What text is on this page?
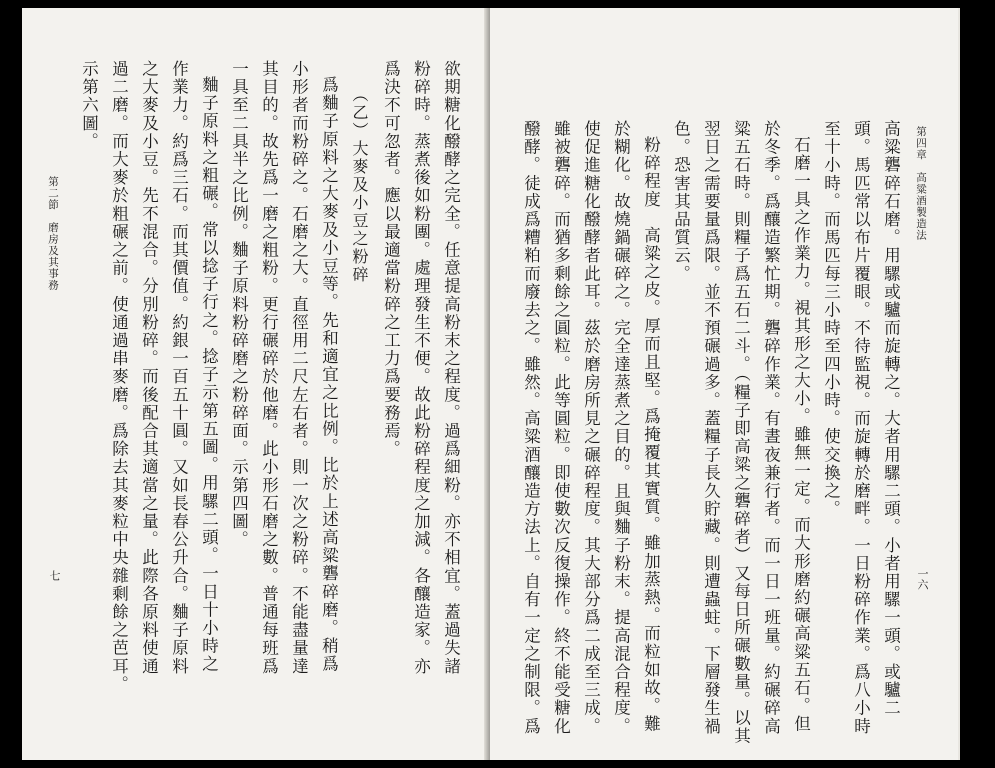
欲期糖化醱酵之完全。任意提高粉末之程度。過爲細粉。亦不相宜。蓋過失諸
粉碎時。蒸煮後如粉團。處理發生不便。故此粉碎程度之加減。各釀造家。亦
爲決不可忽者。應以最適當粉碎之工力爲要務焉。
（乙）大麥及小豆之粉碎
爲麯子原料之大麥及小豆等。先和適宜之比例。比於上述高粱礱碎磨。稍爲
小形者而粉碎之。石磨之大。直徑用二尺左右者。則一次之粉碎。不能盡量達
其目的。故先爲一磨之粗粉。更行碾碎於他磨。此小形石磨之數。普通每班爲
一具至二具半之比例。麯子原料粉碎磨之粉碎面。示第四圖。
麯子原料之粗碾。常以捻子行之。捻子示第五圖。用騾二頭。一日十小時之
作業力。約爲三石。而其價值。約銀一百五十圓。又如長春公升合。麯子原料
之大麥及小豆。先不混合。分別粉碎。而後配合其適當之量。此際各原料使通
過二磨。而大麥於粗碾之前。使通過串麥磨。爲除去其麥粒中央雜剩餘之芭耳。
示第六圖。
第二節　磨房及其事務
七
第四章　高粱酒製造法
一六
高粱礱碎石磨。用騾或驢而旋轉之。大者用騾二頭。小者用騾一頭。或驢二
頭。馬匹常以布片覆眼。不待監視。而旋轉於磨畔。一日粉碎作業。爲八小時
至十小時。而馬匹每三小時至四小時。使交換之。
石磨一具之作業力。視其形之大小。雖無一定。而大形磨約碾高粱五石。但
於冬季。爲釀造繁忙期。礱碎作業。有晝夜兼行者。而一日一班量。約碾碎高
粱五石時。則糧子爲五石二斗。（糧子即高粱之礱碎者）又每日所碾數量。以其
翌日之需要量爲限。並不預碾過多。蓋糧子長久貯藏。則遭蟲蛀。下層發生禍
色。恐害其品質云。
粉碎程度　高粱之皮。厚而且堅。爲掩覆其實質。雖加蒸熱。而粒如故。難
於糊化。故燒鍋碾碎之。完全達蒸煮之目的。且與麯子粉末。提高混合程度。
使促進糖化醱酵者此耳。茲於磨房所見之碾碎程度。其大部分爲二成至三成。
雖被礱碎。而猶多剩餘之圓粒。此等圓粒。即使數次反復操作。終不能受糖化
醱酵。徒成爲糟粕而廢去之。雖然。高粱酒釀造方法上。自有一定之制限。爲
